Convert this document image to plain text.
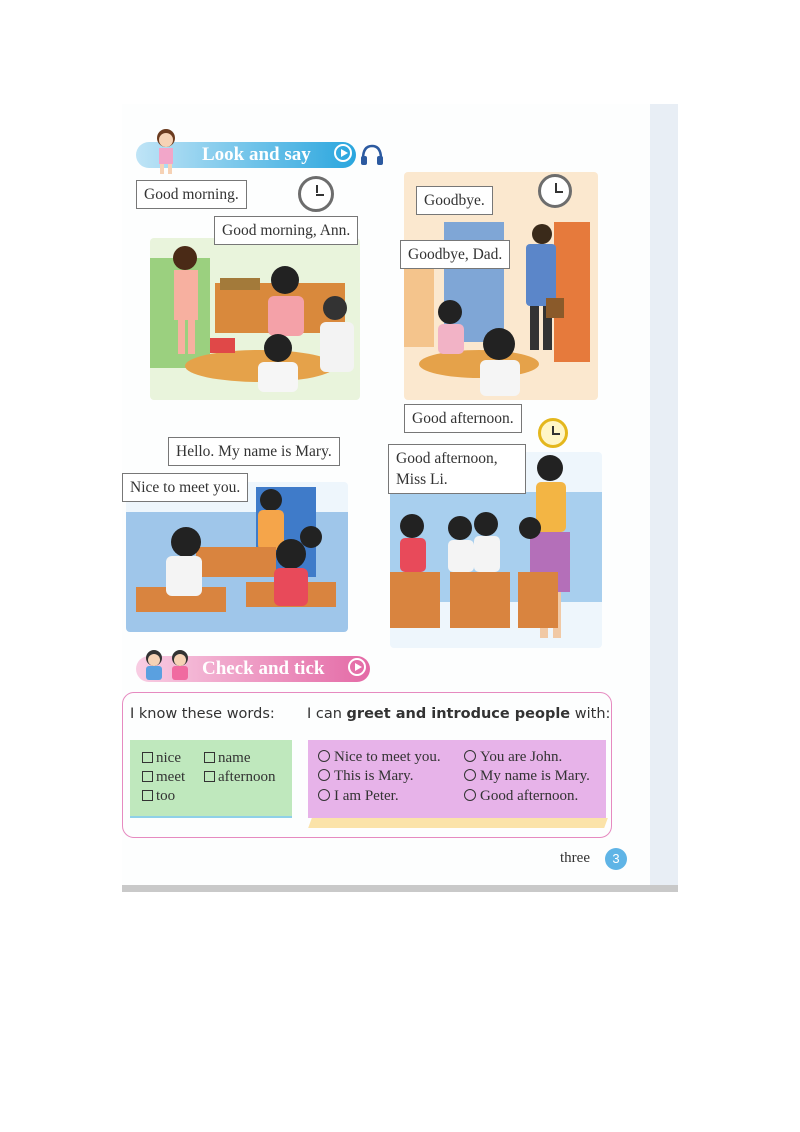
Look and say
Good morning.
Good morning, Ann.
Goodbye.
Goodbye, Dad.
Hello. My name is Mary.
Nice to meet you.
Good afternoon.
Good afternoon,
Miss Li.
Check and tick
I know these words: I can greet and introduce people with:
nice	name
meet	afternoon
too
Nice to meet you.	You are John.
This is Mary.	My name is Mary.
I am Peter.	Good afternoon.
three	3
